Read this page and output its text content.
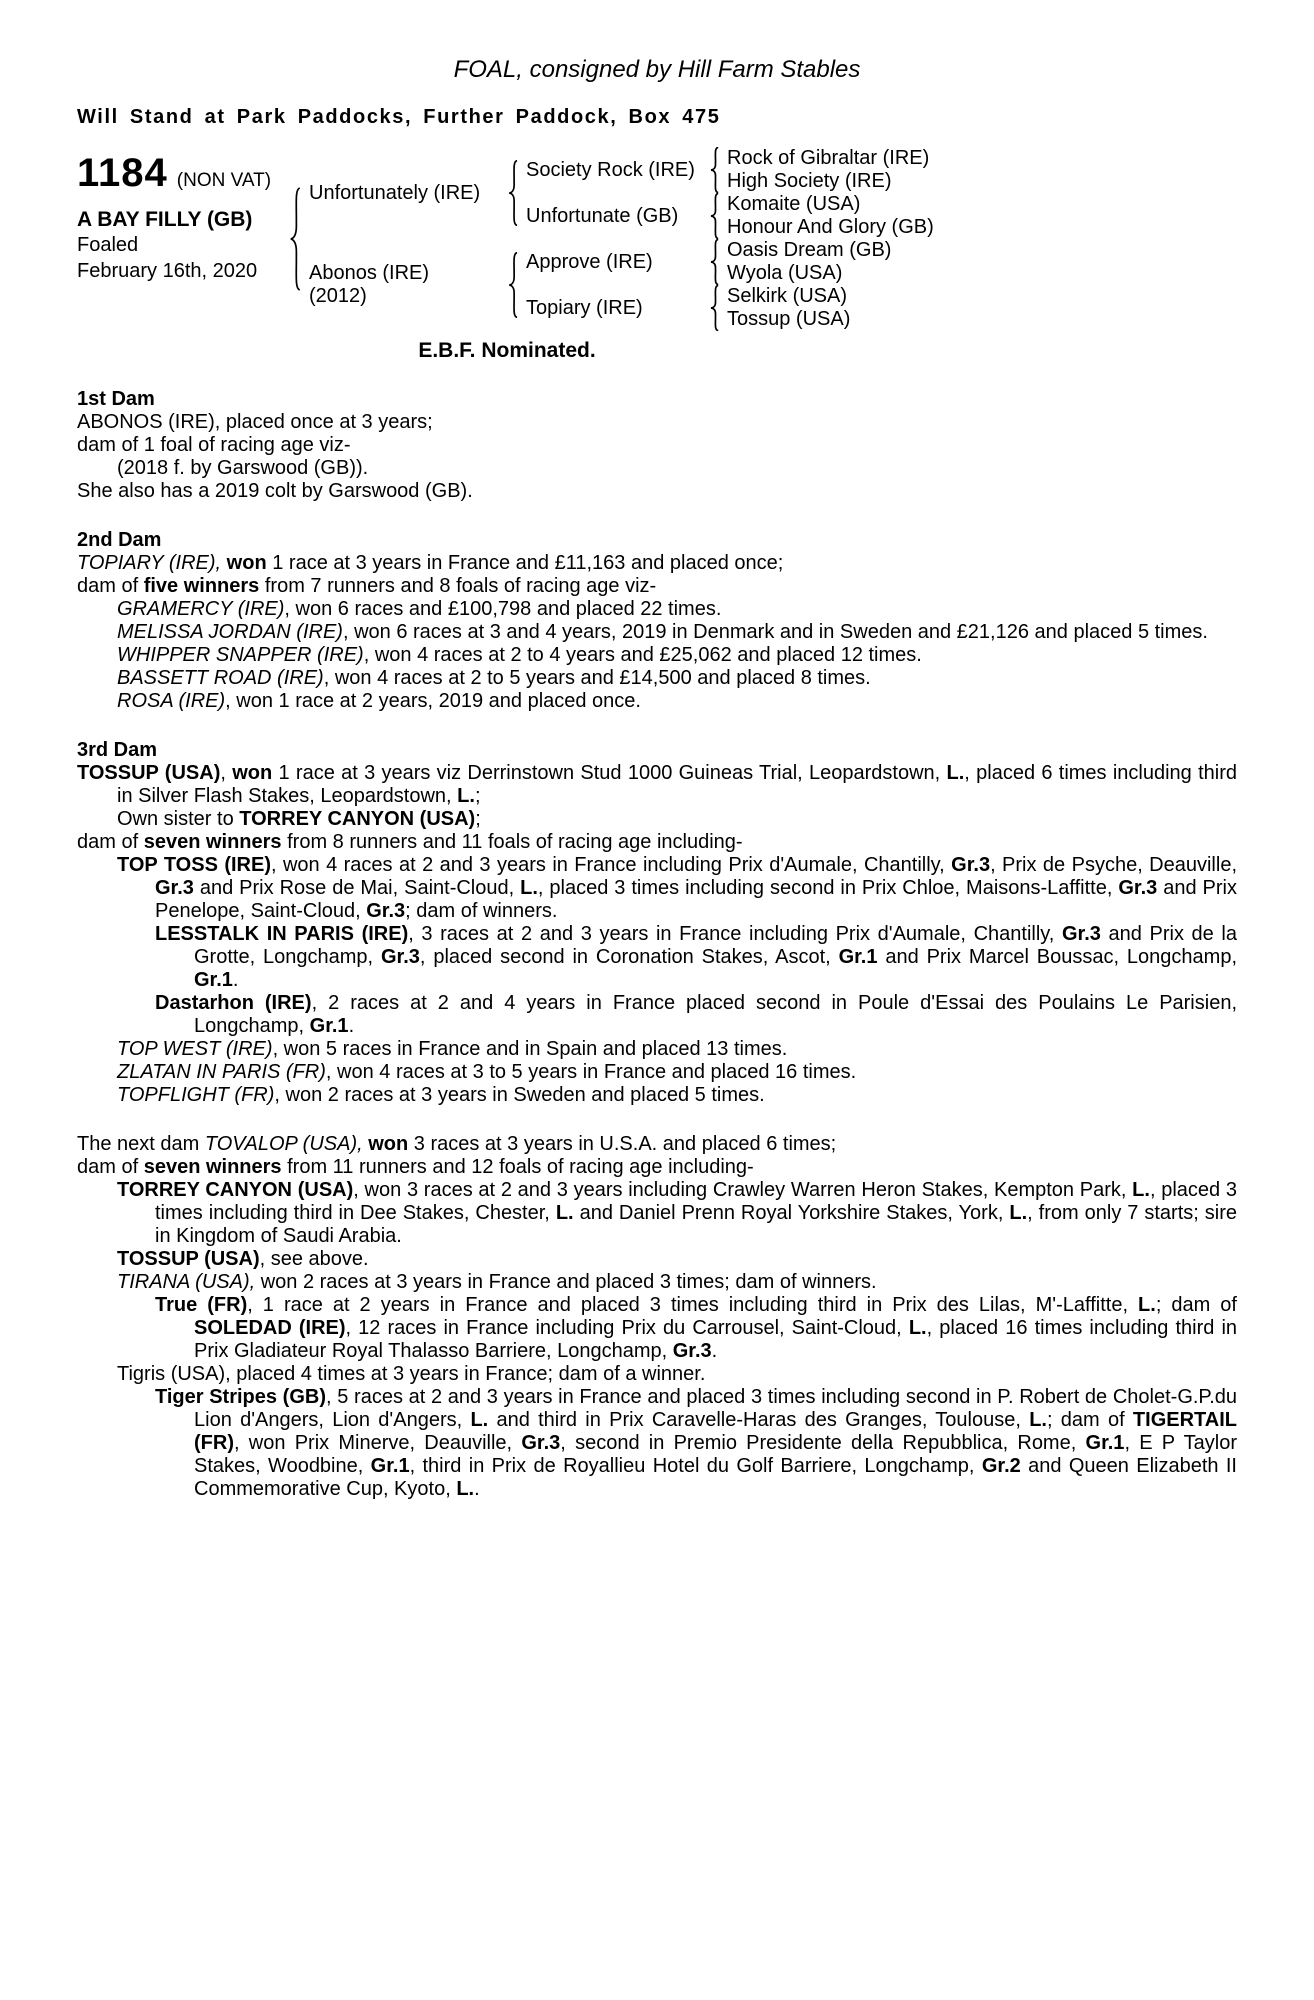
FOAL, consigned by Hill Farm Stables
Will Stand at Park Paddocks, Further Paddock, Box 475
1184 (NON VAT)
A BAY FILLY (GB)
Foaled
February 16th, 2020
Unfortunately (IRE)
Society Rock (IRE)
Rock of Gibraltar (IRE)
High Society (IRE)
Unfortunate (GB)
Komaite (USA)
Honour And Glory (GB)
Abonos (IRE)
(2012)
Approve (IRE)
Oasis Dream (GB)
Wyola (USA)
Topiary (IRE)
Selkirk (USA)
Tossup (USA)
E.B.F. Nominated.
1st Dam

ABONOS (IRE), placed once at 3 years;

dam of 1 foal of racing age viz-

(2018 f. by Garswood (GB)).

She also has a 2019 colt by Garswood (GB).

2nd Dam

TOPIARY (IRE), won 1 race at 3 years in France and £11,163 and placed once;

dam of five winners from 7 runners and 8 foals of racing age viz-

GRAMERCY (IRE), won 6 races and £100,798 and placed 22 times.

MELISSA JORDAN (IRE), won 6 races at 3 and 4 years, 2019 in Denmark and in Sweden and £21,126 and placed 5 times.

WHIPPER SNAPPER (IRE), won 4 races at 2 to 4 years and £25,062 and placed 12 times.

BASSETT ROAD (IRE), won 4 races at 2 to 5 years and £14,500 and placed 8 times.

ROSA (IRE), won 1 race at 2 years, 2019 and placed once.

3rd Dam

TOSSUP (USA), won 1 race at 3 years viz Derrinstown Stud 1000 Guineas Trial, Leopardstown, L., placed 6 times including third in Silver Flash Stakes, Leopardstown, L.;

Own sister to TORREY CANYON (USA);

dam of seven winners from 8 runners and 11 foals of racing age including-

TOP TOSS (IRE), won 4 races at 2 and 3 years in France including Prix d'Aumale, Chantilly, Gr.3, Prix de Psyche, Deauville, Gr.3 and Prix Rose de Mai, Saint-Cloud, L., placed 3 times including second in Prix Chloe, Maisons-Laffitte, Gr.3 and Prix Penelope, Saint-Cloud, Gr.3; dam of winners.

LESSTALK IN PARIS (IRE), 3 races at 2 and 3 years in France including Prix d'Aumale, Chantilly, Gr.3 and Prix de la Grotte, Longchamp, Gr.3, placed second in Coronation Stakes, Ascot, Gr.1 and Prix Marcel Boussac, Longchamp, Gr.1.

Dastarhon (IRE), 2 races at 2 and 4 years in France placed second in Poule d'Essai des Poulains Le Parisien, Longchamp, Gr.1.

TOP WEST (IRE), won 5 races in France and in Spain and placed 13 times.

ZLATAN IN PARIS (FR), won 4 races at 3 to 5 years in France and placed 16 times.

TOPFLIGHT (FR), won 2 races at 3 years in Sweden and placed 5 times.

The next dam TOVALOP (USA), won 3 races at 3 years in U.S.A. and placed 6 times;

dam of seven winners from 11 runners and 12 foals of racing age including-

TORREY CANYON (USA), won 3 races at 2 and 3 years including Crawley Warren Heron Stakes, Kempton Park, L., placed 3 times including third in Dee Stakes, Chester, L. and Daniel Prenn Royal Yorkshire Stakes, York, L., from only 7 starts; sire in Kingdom of Saudi Arabia.

TOSSUP (USA), see above.

TIRANA (USA), won 2 races at 3 years in France and placed 3 times; dam of winners.

True (FR), 1 race at 2 years in France and placed 3 times including third in Prix des Lilas, M'-Laffitte, L.; dam of SOLEDAD (IRE), 12 races in France including Prix du Carrousel, Saint-Cloud, L., placed 16 times including third in Prix Gladiateur Royal Thalasso Barriere, Longchamp, Gr.3.

Tigris (USA), placed 4 times at 3 years in France; dam of a winner.

Tiger Stripes (GB), 5 races at 2 and 3 years in France and placed 3 times including second in P. Robert de Cholet-G.P.du Lion d'Angers, Lion d'Angers, L. and third in Prix Caravelle-Haras des Granges, Toulouse, L.; dam of TIGERTAIL (FR), won Prix Minerve, Deauville, Gr.3, second in Premio Presidente della Repubblica, Rome, Gr.1, E P Taylor Stakes, Woodbine, Gr.1, third in Prix de Royallieu Hotel du Golf Barriere, Longchamp, Gr.2 and Queen Elizabeth II Commemorative Cup, Kyoto, L..
